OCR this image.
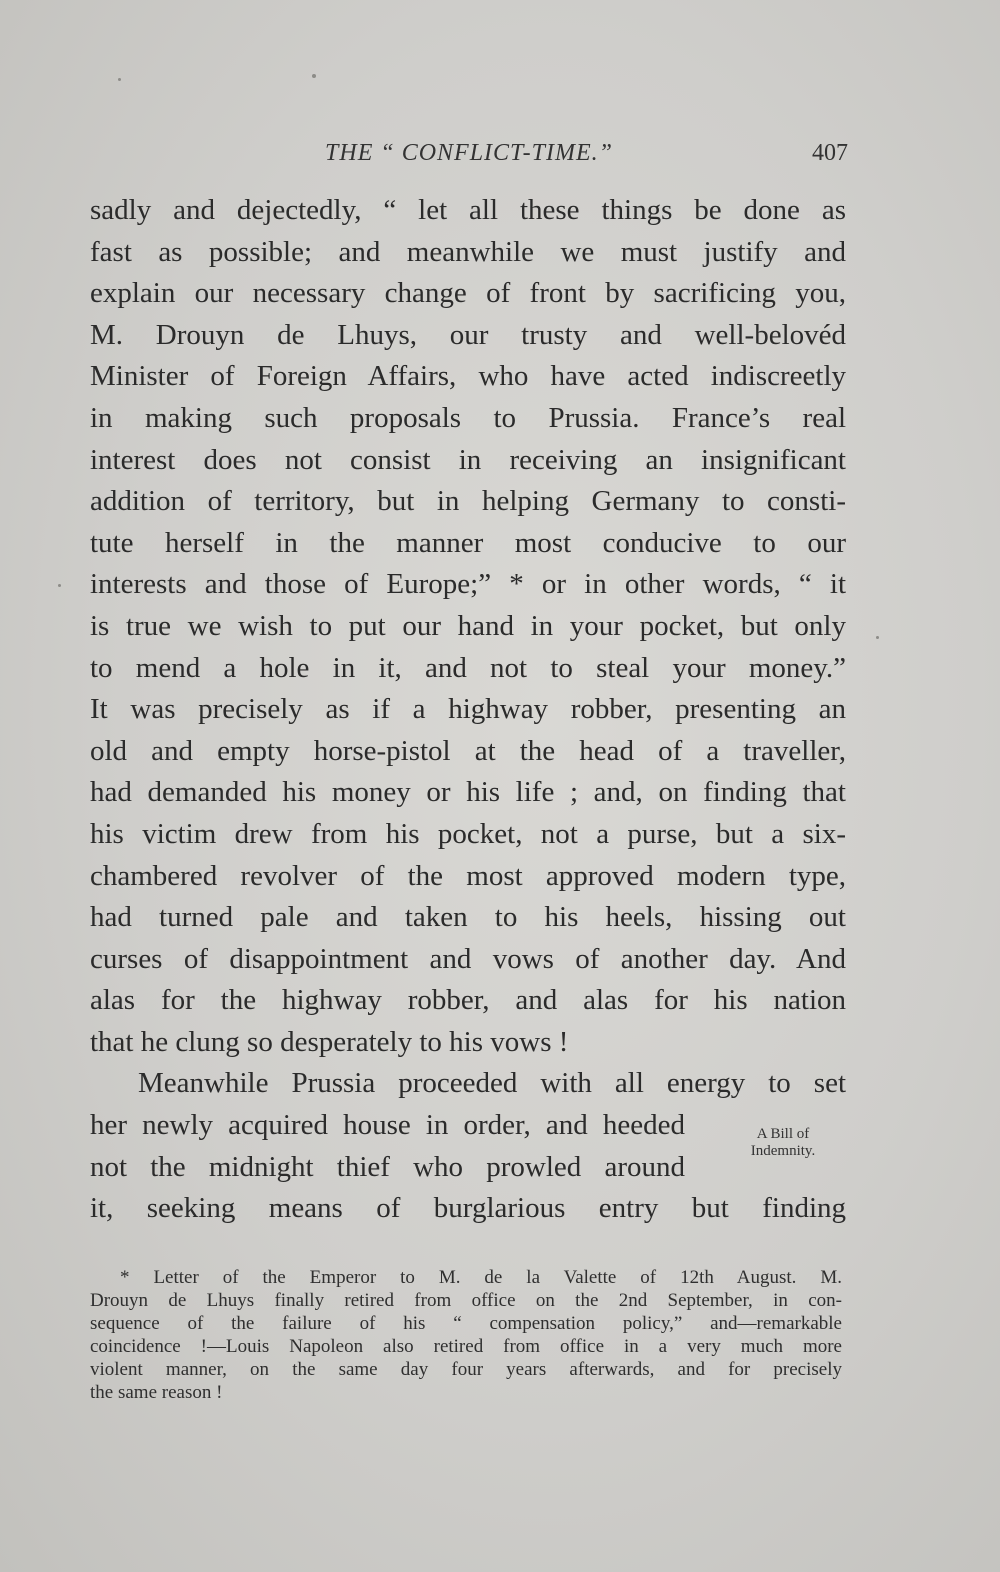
THE “ CONFLICT-TIME.”	407
sadly and dejectedly, “ let all these things be done as
fast as possible; and meanwhile we must justify and
explain our necessary change of front by sacrificing you,
M. Drouyn de Lhuys, our trusty and well-belovéd
Minister of Foreign Affairs, who have acted indiscreetly
in making such proposals to Prussia. France’s real
interest does not consist in receiving an insignificant
addition of territory, but in helping Germany to consti-
tute herself in the manner most conducive to our
interests and those of Europe;” * or in other words, “ it
is true we wish to put our hand in your pocket, but only
to mend a hole in it, and not to steal your money.”
It was precisely as if a highway robber, presenting an
old and empty horse-pistol at the head of a traveller,
had demanded his money or his life ; and, on finding that
his victim drew from his pocket, not a purse, but a six-
chambered revolver of the most approved modern type,
had turned pale and taken to his heels, hissing out
curses of disappointment and vows of another day. And
alas for the highway robber, and alas for his nation
that he clung so desperately to his vows !
Meanwhile Prussia proceeded with all energy to set
her newly acquired house in order, and heeded
not the midnight thief who prowled around
it, seeking means of burglarious entry but finding
A Bill of
Indemnity.
* Letter of the Emperor to M. de la Valette of 12th August. M.
Drouyn de Lhuys finally retired from office on the 2nd September, in con-
sequence of the failure of his “ compensation policy,” and—remarkable
coincidence !—Louis Napoleon also retired from office in a very much more
violent manner, on the same day four years afterwards, and for precisely
the same reason !
